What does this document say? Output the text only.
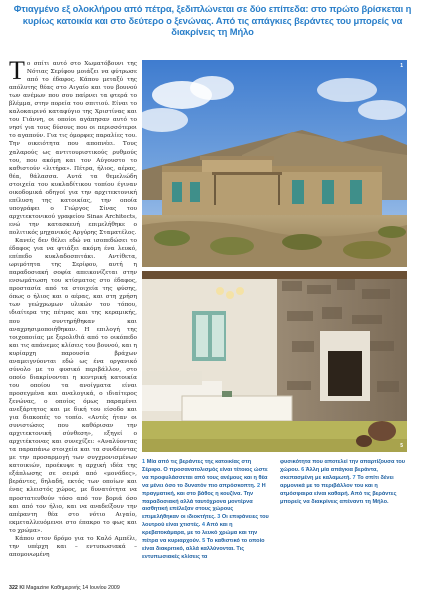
Φτιαγμένο εξ ολοκλήρου από πέτρα, ξεδιπλώνεται σε δύο επίπεδα: στο πρώτο βρίσκεται η κυρίως κατοικία και στο δεύτερο ο ξενώνας. Από τις απάγκιες βεράντες του μπορείς να διακρίνεις τη Μήλο

Το σπίτι αυτό στο Χωματόβουνι της Νότιας Σερίφου μοιάζει να φύτρωσε από το έδαφος. Κάπου μεταξύ της απόλυτης θέας στο Αιγαίο και του βουνού των ανέμων που σου παίρνει τα φτερά το βλέμμα, στην πορεία του σπιτιού. Είναι το καλοκαιρινό καταφύγιο της Χριστίνας και του Γιάννη, οι οποίοι αγάπησαν αυτό το νησί για τους δύσους που οι περισσότεροι το αγαπούν. Για τις όμορφες παραλίες του. Την οικειότητα που αποπνέει. Τους χαλαρούς ως αντιτουριστικούς ρυθμούς του, που ακόμη και τον Αύγουστο το καθιστούν «λιτήρα». Πέτρα, ήλιος, αέρας, θέα, θάλασσα. Αυτά τα θεμελιώδη στοιχεία του κυκλαδίτικου τοπίου έγιναν οικοδομικά οδηγοί για την αρχιτεκτονική επίλυση της κατοικίας, την οποία υπογράφει ο Γιώργος Σίνας του αρχιτεκτονικού γραφείου Sinas Architects, ενώ την κατασκευή επιμελήθηκε ο πολιτικός μηχανικός Αργύρης Σταματέλος.

Κανείς δεν θέλει εδώ να ισοπεδώσει το έδαφος για να φτιάξει ακόμη ένα λευκό, επίπεδο κυκλαδοσπιτάκι. Αντίθετα, ωριμότητα της Σερίφου, αυτή η παραδοσιακή σοφία απεικονίζεται στην ενσωμάτωση του κτίσματος στο έδαφος, προστασία από τα στοιχεία της φύσης, όπως ο ήλιος και ο αέρας, και στη χρήση των γεώχρωμων υλικών του τόπου, ιδιαίτερα της πέτρας και της κεραμικής, που συντηρήθηκαν και αναχρησιμοποιήθηκαν. Η επιλογή της τοιχοποιίας με ξερολιθιά από το οικόπεδο και τις απάνεμες κλίσεις του βουνού, και η κυρίαρχη παρουσία βράχων αναμειγνύονται εδώ ως ένα οργανικό σύνολο με το φυσικό περιβάλλον, στο οποίο διακρίνονται η κεντρική κατοικία του οποίου τα ανοίγματα είναι προσεγμένα και αναλογικά, ο ιδιαίτερος ξενώνας, ο οποίος όμως παραμένει ανεξάρτητος και με δική του είσοδο και για διακοπές το τοπίο. «Αυτές ήταν οι συνιστώσες που καθόρισαν την αρχιτεκτονική σύνθεση», εξηγεί ο αρχιτέκτονας και συνεχίζει: «Αναλύοντας τα παραπάνω στοιχεία και τα συνδέοντας με την προσαρμογή των συγχρονισμένων κατοικιών, προέκυψε η αρχική ιδέα της εξάπλωσης σε σειρά από «μονάδες», βεράντες, δηλαδή, εκτός των οποίων και ένας κλειστός χώρος, με δυνατότητα να προστατευθούν τόσο από τον βοριά όσο και από τον ήλιο, και να αναδείξουν την απέραντη θέα στο νότιο Αιγαίο, εκμεταλλευόμενοι στο έπακρο το φως και το χρώμα».

Κάπου στον δρόμο για το Καλό Αμπέλι, την υπέρχη και – εντυπωσιακά – απομονωμένη

1
5
1 Μία από τις βεράντες της κατοικίας στη Σέριφο. Ο προσανατολισμός είναι τέτοιος ώστε να προφυλάσσεται από τους ανέμους και η θέα να μένει όσο το δυνατόν πιο απρόσκοπτη. 2 Η πραγματική, και στο βάθος η κουζίνα. Την παραδοσιακή αλλά ταυτόχρονα μοντέρνα αισθητική επέλεξαν στους χώρους επιμελήθηκαν οι ιδιοκτήτες. 3 Οι επιφάνειες του λουτρού είναι χτιστές. 4 Από και η κρεβατοκάμαρα, με το λευκό χρώμα και την πέτρα να κυριαρχούν. 5 Το καθιστικό το οποίο είναι διακριτικό, αλλά καλλύνονται. Τις εντυπωσιακές κλίσεις τα
φυσικότητα που αποτελεί την απαρτίζουσα του χώρου. 6 Άλλη μία απάγκια βεράντα, σκεπασμένη με καλαμωτή. 7 Το σπίτι δένει αρμονικά με το περιβάλλον του και η ατμόσφαιρα είναι καθαρή. Από τις βεράντες μπορείς να διακρίνεις απέναντι τη Μήλο.
322 ΚΙ Magazine Καθημερινής 14 Ιουνίου 2009
